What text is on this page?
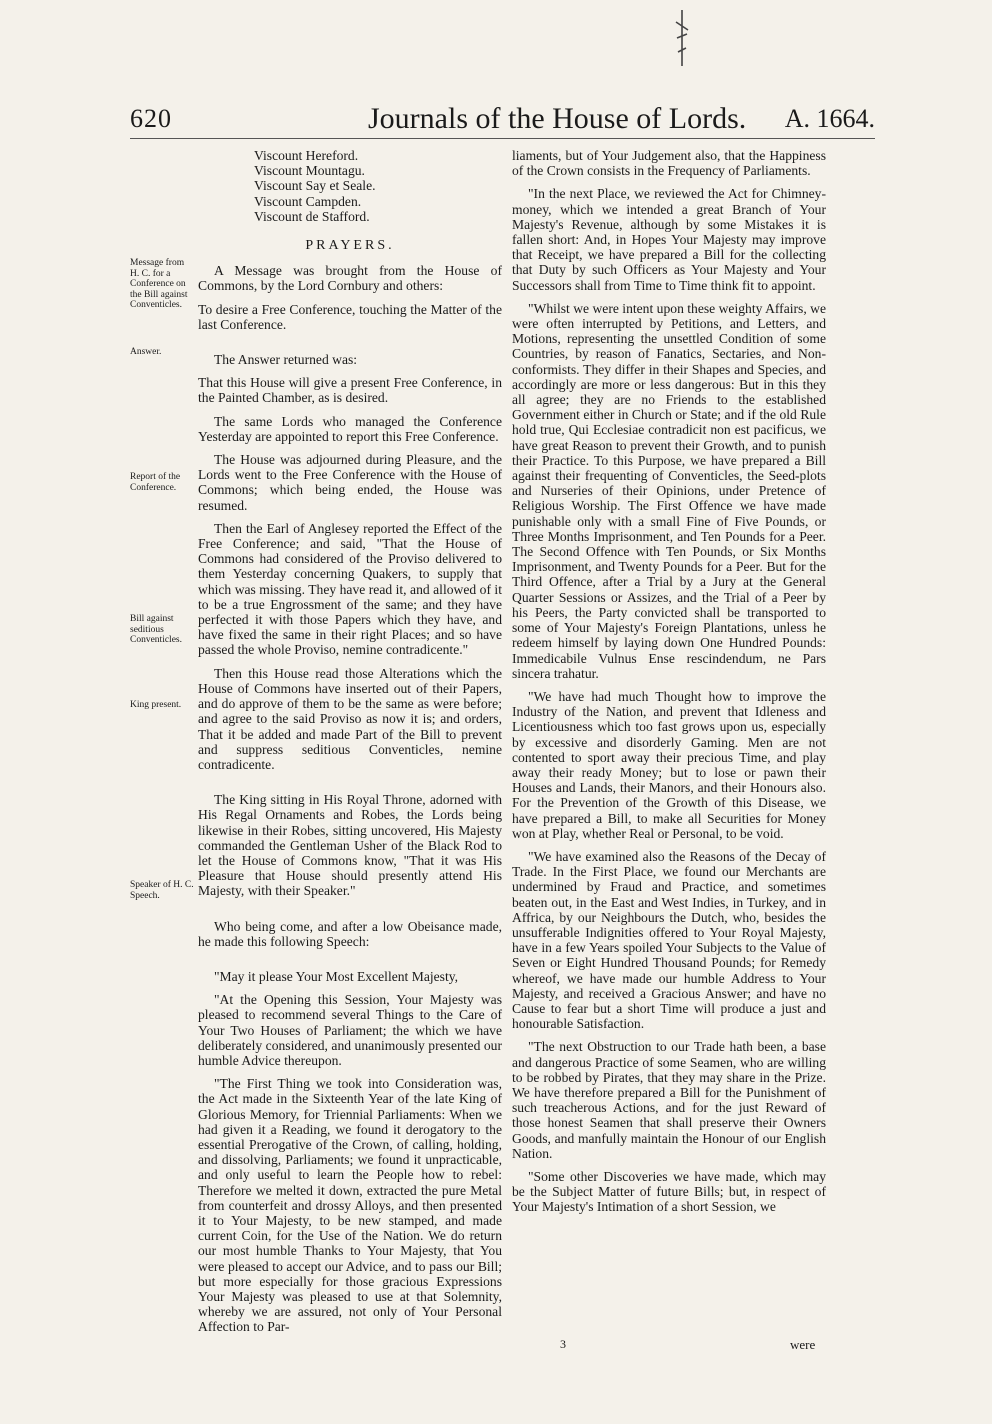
620	Journals of the House of Lords. A. 1664.
Message from H. C. for a Conference on the Bill against Conventicles.
Answer.
Report of the Conference.
Bill against seditious Conventicles.
King present.
Speaker of H. C. Speech.
Viscount Hereford.
Viscount Mountagu.
Viscount Say et Seale.
Viscount Campden.
Viscount de Stafford.
PRAYERS.

A Message was brought from the House of Commons, by the Lord Cornbury and others:

To desire a Free Conference, touching the Matter of the last Conference.

The Answer returned was:

That this House will give a present Free Conference, in the Painted Chamber, as is desired.

The same Lords who managed the Conference Yesterday are appointed to report this Free Conference.

The House was adjourned during Pleasure, and the Lords went to the Free Conference with the House of Commons; which being ended, the House was resumed.

Then the Earl of Anglesey reported the Effect of the Free Conference; and said, "That the House of Commons had considered of the Proviso delivered to them Yesterday concerning Quakers, to supply that which was missing. They have read it, and allowed of it to be a true Engrossment of the same; and they have perfected it with those Papers which they have, and have fixed the same in their right Places; and so have passed the whole Proviso, nemine contradicente."

Then this House read those Alterations which the House of Commons have inserted out of their Papers, and do approve of them to be the same as were before; and agree to the said Proviso as now it is; and orders, That it be added and made Part of the Bill to prevent and suppress seditious Conventicles, nemine contradicente.

The King sitting in His Royal Throne, adorned with His Regal Ornaments and Robes, the Lords being likewise in their Robes, sitting uncovered, His Majesty commanded the Gentleman Usher of the Black Rod to let the House of Commons know, "That it was His Pleasure that House should presently attend His Majesty, with their Speaker."

Who being come, and after a low Obeisance made, he made this following Speech:

"May it please Your Most Excellent Majesty,

"At the Opening this Session, Your Majesty was pleased to recommend several Things to the Care of Your Two Houses of Parliament; the which we have deliberately considered, and unanimously presented our humble Advice thereupon.

"The First Thing we took into Consideration was, the Act made in the Sixteenth Year of the late King of Glorious Memory, for Triennial Parliaments: When we had given it a Reading, we found it derogatory to the essential Prerogative of the Crown, of calling, holding, and dissolving, Parliaments; we found it unpracticable, and only useful to learn the People how to rebel: Therefore we melted it down, extracted the pure Metal from counterfeit and drossy Alloys, and then presented it to Your Majesty, to be new stamped, and made current Coin, for the Use of the Nation. We do return our most humble Thanks to Your Majesty, that You were pleased to accept our Advice, and to pass our Bill; but more especially for those gracious Expressions Your Majesty was pleased to use at that Solemnity, whereby we are assured, not only of Your Personal Affection to Par-

liaments, but of Your Judgement also, that the Happiness of the Crown consists in the Frequency of Parliaments.

"In the next Place, we reviewed the Act for Chimney-money, which we intended a great Branch of Your Majesty's Revenue, although by some Mistakes it is fallen short: And, in Hopes Your Majesty may improve that Receipt, we have prepared a Bill for the collecting that Duty by such Officers as Your Majesty and Your Successors shall from Time to Time think fit to appoint.

"Whilst we were intent upon these weighty Affairs, we were often interrupted by Petitions, and Letters, and Motions, representing the unsettled Condition of some Countries, by reason of Fanatics, Sectaries, and Non-conformists. They differ in their Shapes and Species, and accordingly are more or less dangerous: But in this they all agree; they are no Friends to the established Government either in Church or State; and if the old Rule hold true, Qui Ecclesiae contradicit non est pacificus, we have great Reason to prevent their Growth, and to punish their Practice. To this Purpose, we have prepared a Bill against their frequenting of Conventicles, the Seed-plots and Nurseries of their Opinions, under Pretence of Religious Worship. The First Offence we have made punishable only with a small Fine of Five Pounds, or Three Months Imprisonment, and Ten Pounds for a Peer. The Second Offence with Ten Pounds, or Six Months Imprisonment, and Twenty Pounds for a Peer. But for the Third Offence, after a Trial by a Jury at the General Quarter Sessions or Assizes, and the Trial of a Peer by his Peers, the Party convicted shall be transported to some of Your Majesty's Foreign Plantations, unless he redeem himself by laying down One Hundred Pounds: Immedicabile Vulnus Ense rescindendum, ne Pars sincera trahatur.

"We have had much Thought how to improve the Industry of the Nation, and prevent that Idleness and Licentiousness which too fast grows upon us, especially by excessive and disorderly Gaming. Men are not contented to sport away their precious Time, and play away their ready Money; but to lose or pawn their Houses and Lands, their Manors, and their Honours also. For the Prevention of the Growth of this Disease, we have prepared a Bill, to make all Securities for Money won at Play, whether Real or Personal, to be void.

"We have examined also the Reasons of the Decay of Trade. In the First Place, we found our Merchants are undermined by Fraud and Practice, and sometimes beaten out, in the East and West Indies, in Turkey, and in Affrica, by our Neighbours the Dutch, who, besides the unsufferable Indignities offered to Your Royal Majesty, have in a few Years spoiled Your Subjects to the Value of Seven or Eight Hundred Thousand Pounds; for Remedy whereof, we have made our humble Address to Your Majesty, and received a Gracious Answer; and have no Cause to fear but a short Time will produce a just and honourable Satisfaction.

"The next Obstruction to our Trade hath been, a base and dangerous Practice of some Seamen, who are willing to be robbed by Pirates, that they may share in the Prize. We have therefore prepared a Bill for the Punishment of such treacherous Actions, and for the just Reward of those honest Seamen that shall preserve their Owners Goods, and manfully maintain the Honour of our English Nation.

"Some other Discoveries we have made, which may be the Subject Matter of future Bills; but, in respect of Your Majesty's Intimation of a short Session, we

3	were
